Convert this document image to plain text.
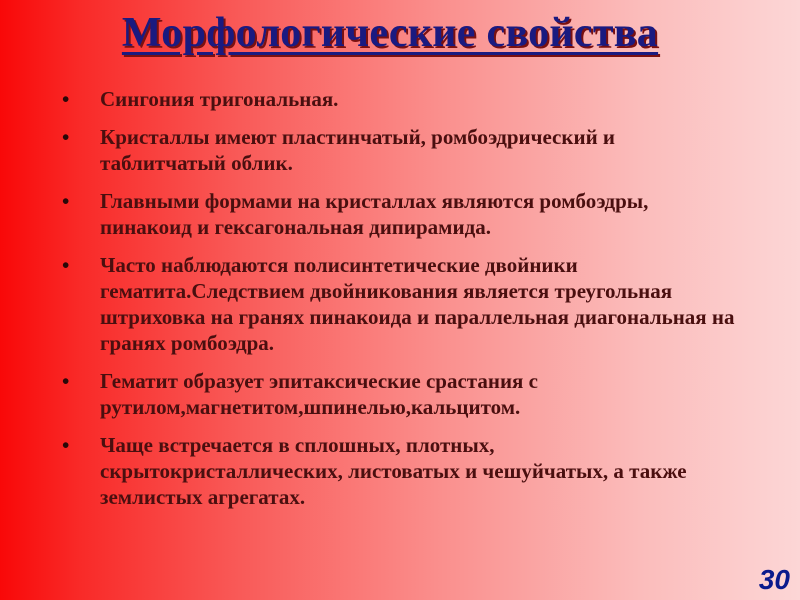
Морфологические свойства
•	Сингония тригональная.
•	Кристаллы имеют пластинчатый, ромбоэдрический и таблитчатый облик.
•	Главными формами на кристаллах являются ромбоэдры, пинакоид и гексагональная дипирамида.
•	Часто наблюдаются полисинтетические двойники гематита.Следствием двойникования является треугольная штриховка на гранях пинакоида и параллельная диагональная на гранях ромбоэдра.
•	Гематит образует эпитаксические срастания с рутилом,магнетитом,шпинелью,кальцитом.
•	Чаще встречается в сплошных, плотных, скрытокристаллических, листоватых и чешуйчатых, а также землистых агрегатах.
30
